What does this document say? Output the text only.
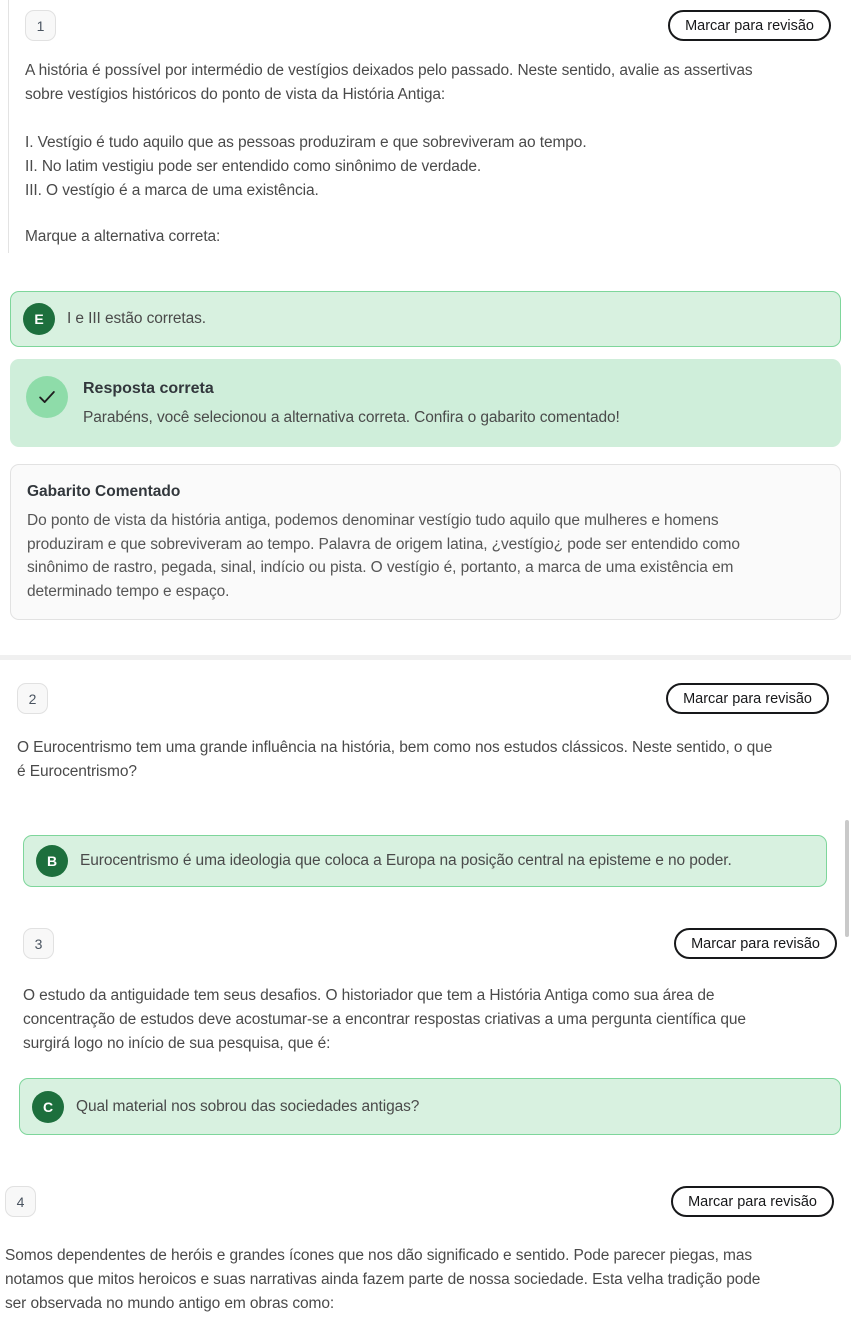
1	Marcar para revisão
A história é possível por intermédio de vestígios deixados pelo passado. Neste sentido, avalie as assertivas
sobre vestígios históricos do ponto de vista da História Antiga:
I. Vestígio é tudo aquilo que as pessoas produziram e que sobreviveram ao tempo.
II. No latim vestigiu pode ser entendido como sinônimo de verdade.
III. O vestígio é a marca de uma existência.
Marque a alternativa correta:
E	I e III estão corretas.
Resposta correta
Parabéns, você selecionou a alternativa correta. Confira o gabarito comentado!
Gabarito Comentado
Do ponto de vista da história antiga, podemos denominar vestígio tudo aquilo que mulheres e homens
produziram e que sobreviveram ao tempo. Palavra de origem latina, ¿vestígio¿ pode ser entendido como
sinônimo de rastro, pegada, sinal, indício ou pista. O vestígio é, portanto, a marca de uma existência em
determinado tempo e espaço.
2	Marcar para revisão
O Eurocentrismo tem uma grande influência na história, bem como nos estudos clássicos. Neste sentido, o que
é Eurocentrismo?
B	Eurocentrismo é uma ideologia que coloca a Europa na posição central na episteme e no poder.
3	Marcar para revisão
O estudo da antiguidade tem seus desafios. O historiador que tem a História Antiga como sua área de
concentração de estudos deve acostumar-se a encontrar respostas criativas a uma pergunta científica que
surgirá logo no início de sua pesquisa, que é:
C	Qual material nos sobrou das sociedades antigas?
4	Marcar para revisão
Somos dependentes de heróis e grandes ícones que nos dão significado e sentido. Pode parecer piegas, mas
notamos que mitos heroicos e suas narrativas ainda fazem parte de nossa sociedade. Esta velha tradição pode
ser observada no mundo antigo em obras como:
